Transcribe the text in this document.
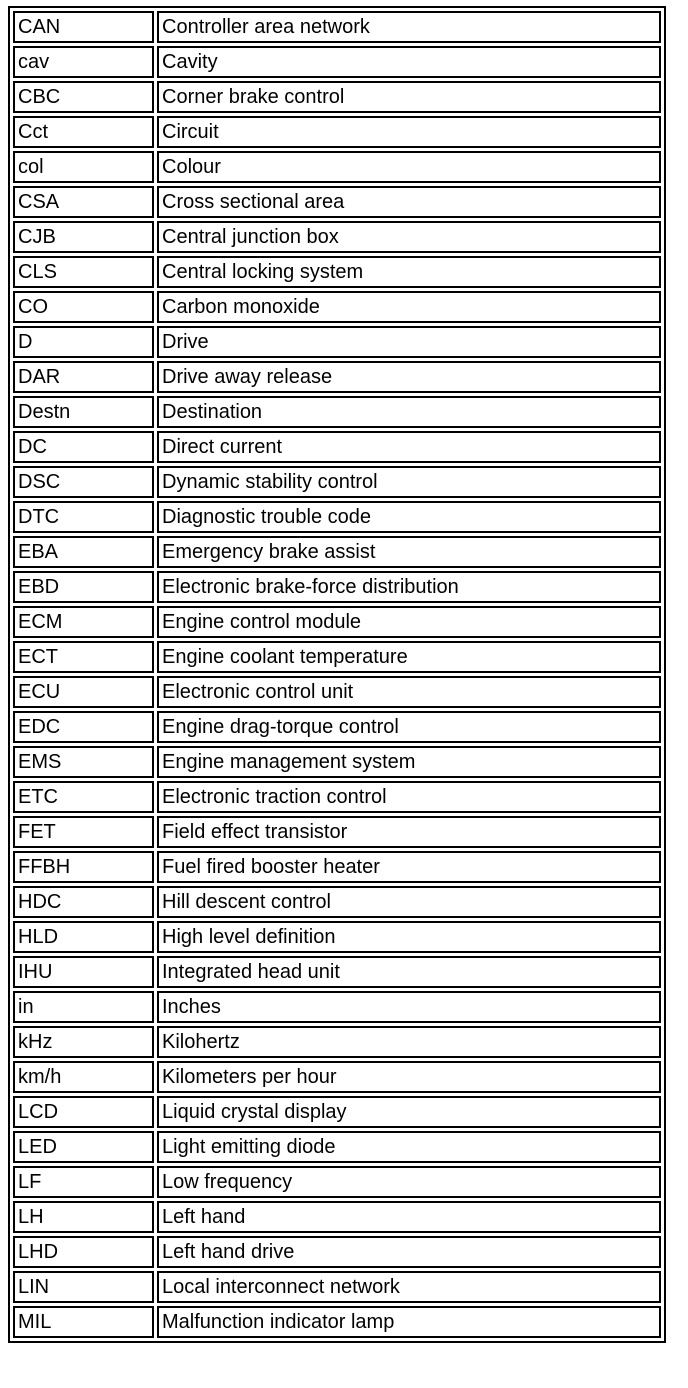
CAN	Controller area network
cav	Cavity
CBC	Corner brake control
Cct	Circuit
col	Colour
CSA	Cross sectional area
CJB	Central junction box
CLS	Central locking system
CO	Carbon monoxide
D	Drive
DAR	Drive away release
Destn	Destination
DC	Direct current
DSC	Dynamic stability control
DTC	Diagnostic trouble code
EBA	Emergency brake assist
EBD	Electronic brake-force distribution
ECM	Engine control module
ECT	Engine coolant temperature
ECU	Electronic control unit
EDC	Engine drag-torque control
EMS	Engine management system
ETC	Electronic traction control
FET	Field effect transistor
FFBH	Fuel fired booster heater
HDC	Hill descent control
HLD	High level definition
IHU	Integrated head unit
in	Inches
kHz	Kilohertz
km/h	Kilometers per hour
LCD	Liquid crystal display
LED	Light emitting diode
LF	Low frequency
LH	Left hand
LHD	Left hand drive
LIN	Local interconnect network
MIL	Malfunction indicator lamp
